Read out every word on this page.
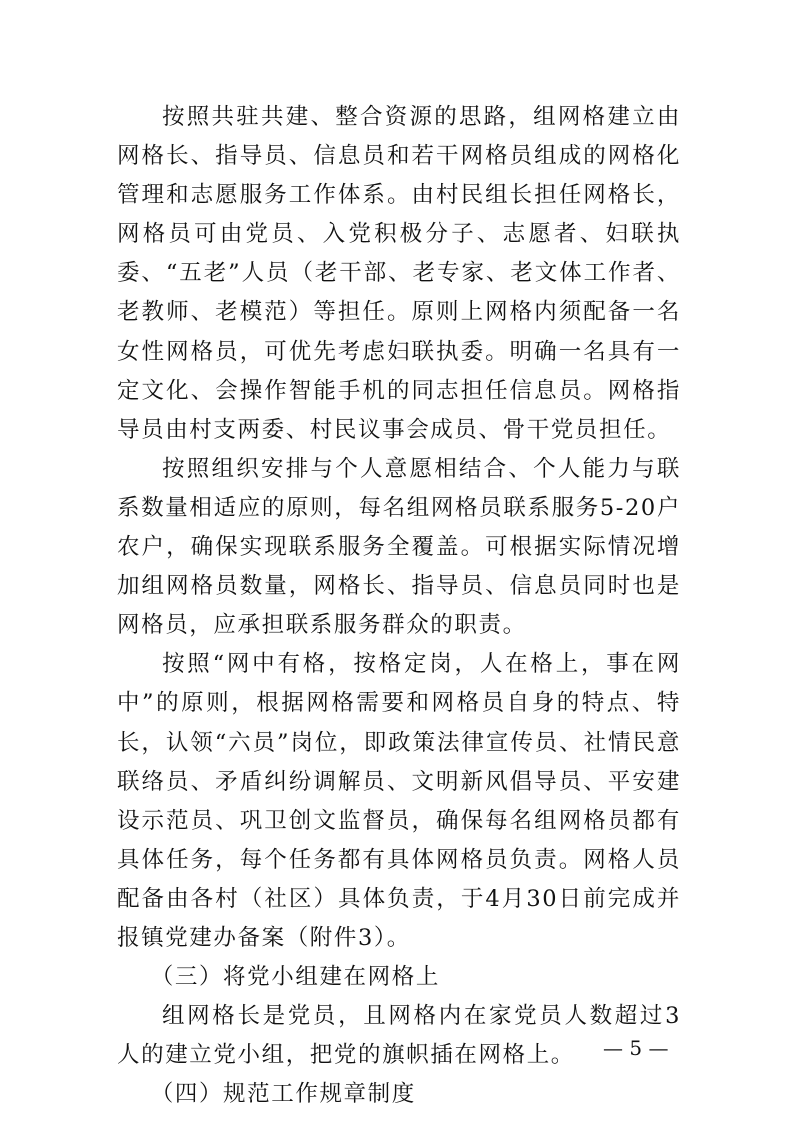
按照共驻共建、整合资源的思路，组网格建立由网格长、指导员、信息员和若干网格员组成的网格化管理和志愿服务工作体系。由村民组长担任网格长，网格员可由党员、入党积极分子、志愿者、妇联执委、“五老”人员（老干部、老专家、老文体工作者、老教师、老模范）等担任。原则上网格内须配备一名女性网格员，可优先考虑妇联执委。明确一名具有一定文化、会操作智能手机的同志担任信息员。网格指导员由村支两委、村民议事会成员、骨干党员担任。

按照组织安排与个人意愿相结合、个人能力与联系数量相适应的原则，每名组网格员联系服务5-20户农户，确保实现联系服务全覆盖。可根据实际情况增加组网格员数量，网格长、指导员、信息员同时也是网格员，应承担联系服务群众的职责。

按照“网中有格，按格定岗，人在格上，事在网中”的原则，根据网格需要和网格员自身的特点、特长，认领“六员”岗位，即政策法律宣传员、社情民意联络员、矛盾纠纷调解员、文明新风倡导员、平安建设示范员、巩卫创文监督员，确保每名组网格员都有具体任务，每个任务都有具体网格员负责。网格人员配备由各村（社区）具体负责，于4月30日前完成并报镇党建办备案（附件3）。

（三）将党小组建在网格上

组网格长是党员，且网格内在家党员人数超过3人的建立党小组，把党的旗帜插在网格上。

（四）规范工作规章制度

— 5 —
